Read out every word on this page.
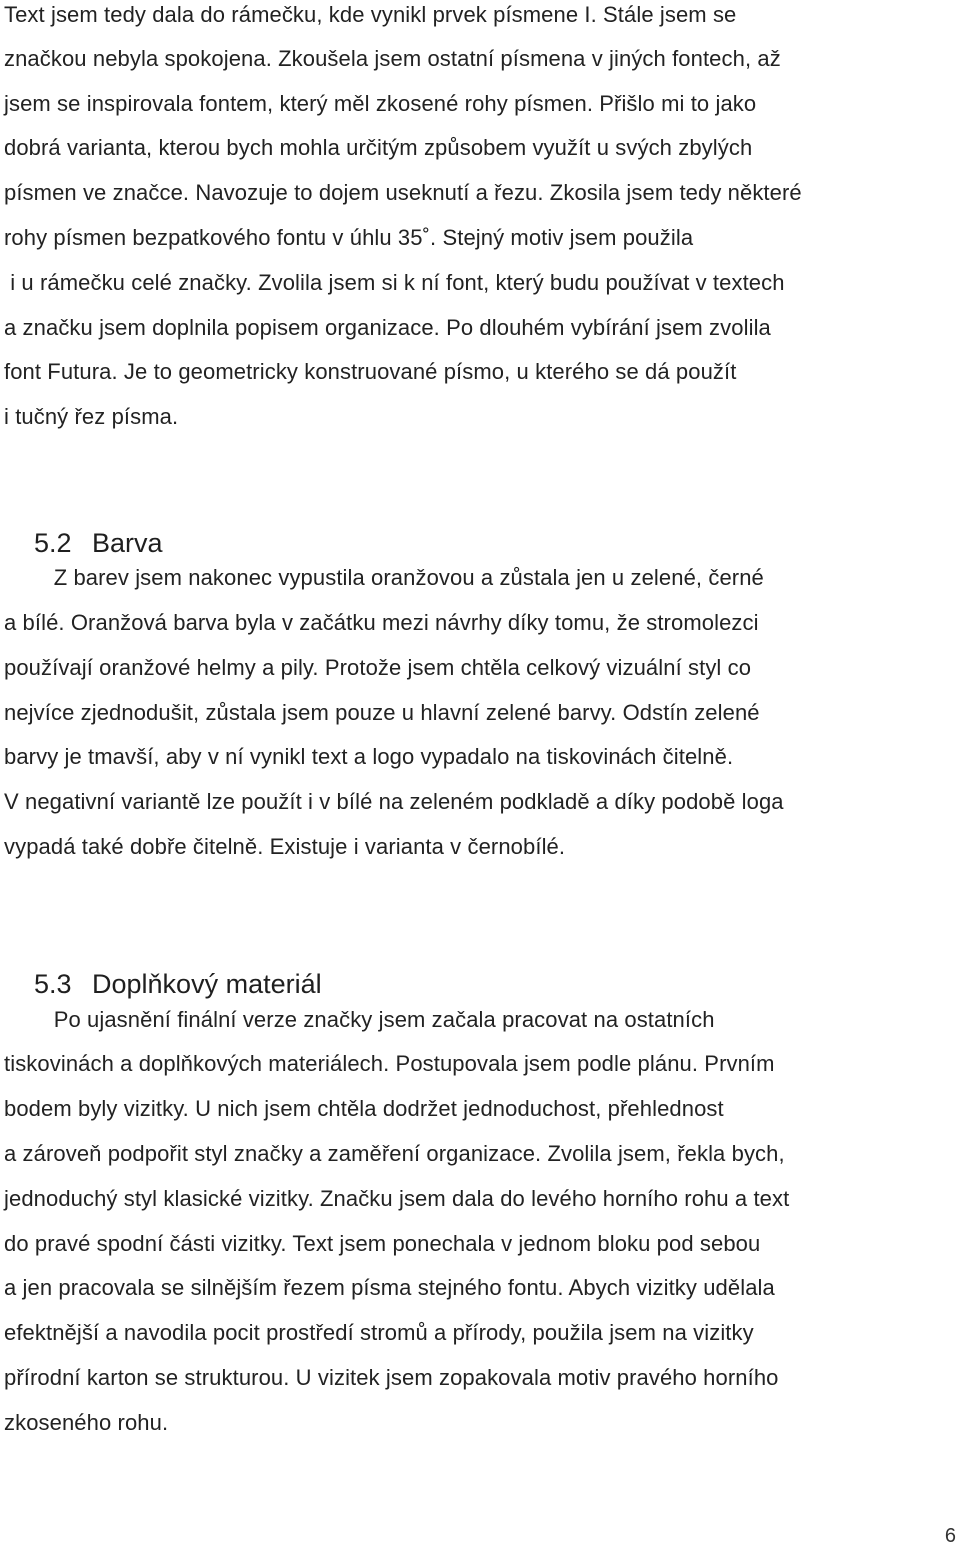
Text jsem tedy dala do rámečku, kde vynikl prvek písmene I. Stále jsem se
značkou nebyla spokojena. Zkoušela jsem ostatní písmena v jiných fontech, až
jsem se inspirovala fontem, který měl zkosené rohy písmen. Přišlo mi to jako
dobrá varianta, kterou bych mohla určitým způsobem využít u svých zbylých
písmen ve značce. Navozuje to dojem useknutí a řezu. Zkosila jsem tedy některé
rohy písmen bezpatkového fontu v úhlu 35˚. Stejný motiv jsem použila
i u rámečku celé značky. Zvolila jsem si k ní font, který budu používat v textech
a značku jsem doplnila popisem organizace. Po dlouhém vybírání jsem zvolila
font Futura. Je to geometricky konstruované písmo, u kterého se dá použít
i tučný řez písma.

5.2 Barva

Z barev jsem nakonec vypustila oranžovou a zůstala jen u zelené, černé
a bílé. Oranžová barva byla v začátku mezi návrhy díky tomu, že stromolezci
používají oranžové helmy a pily. Protože jsem chtěla celkový vizuální styl co
nejvíce zjednodušit, zůstala jsem pouze u hlavní zelené barvy. Odstín zelené
barvy je tmavší, aby v ní vynikl text a logo vypadalo na tiskovinách čitelně.
V negativní variantě lze použít i v bílé na zeleném podkladě a díky podobě loga
vypadá také dobře čitelně. Existuje i varianta v černobílé.

5.3 Doplňkový materiál

Po ujasnění finální verze značky jsem začala pracovat na ostatních
tiskovinách a doplňkových materiálech. Postupovala jsem podle plánu. Prvním
bodem byly vizitky. U nich jsem chtěla dodržet jednoduchost, přehlednost
a zároveň podpořit styl značky a zaměření organizace. Zvolila jsem, řekla bych,
jednoduchý styl klasické vizitky. Značku jsem dala do levého horního rohu a text
do pravé spodní části vizitky. Text jsem ponechala v jednom bloku pod sebou
a jen pracovala se silnějším řezem písma stejného fontu. Abych vizitky udělala
efektnější a navodila pocit prostředí stromů a přírody, použila jsem na vizitky
přírodní karton se strukturou. U vizitek jsem zopakovala motiv pravého horního
zkoseného rohu.
6
